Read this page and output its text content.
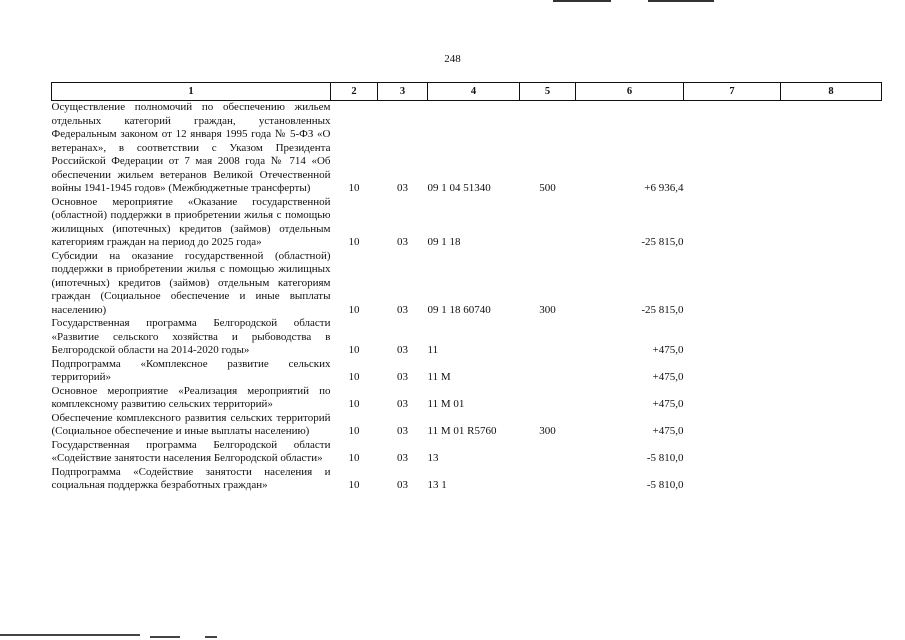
248
1	2	3	4	5	6	7	8
Осуществление полномочий по обеспечению жильем отдельных категорий граждан, установленных Федеральным законом от 12 января 1995 года № 5-ФЗ «О ветеранах», в соответствии с Указом Президента Российской Федерации от 7 мая 2008 года № 714 «Об обеспечении жильем ветеранов Великой Отечественной войны 1941-1945 годов» (Межбюджетные трансферты)	10	03	09 1 04 51340	500	+6 936,4		
Основное мероприятие «Оказание государственной (областной) поддержки в приобретении жилья с помощью жилищных (ипотечных) кредитов (займов) отдельным категориям граждан на период до 2025 года»	10	03	09 1 18		-25 815,0		
Субсидии на оказание государственной (областной) поддержки в приобретении жилья с помощью жилищных (ипотечных) кредитов (займов) отдельным категориям граждан (Социальное обеспечение и иные выплаты населению)	10	03	09 1 18 60740	300	-25 815,0		
Государственная программа Белгородской области «Развитие сельского хозяйства и рыбоводства в Белгородской области на 2014-2020 годы»	10	03	11		+475,0		
Подпрограмма «Комплексное развитие сельских территорий»	10	03	11 М		+475,0		
Основное мероприятие «Реализация мероприятий по комплексному развитию сельских территорий»	10	03	11 М 01		+475,0		
Обеспечение комплексного развития сельских территорий (Социальное обеспечение и иные выплаты населению)	10	03	11 М 01 R5760	300	+475,0		
Государственная программа Белгородской области «Содействие занятости населения Белгородской области»	10	03	13		-5 810,0		
Подпрограмма «Содействие занятости населения и социальная поддержка безработных граждан»	10	03	13 1		-5 810,0		
